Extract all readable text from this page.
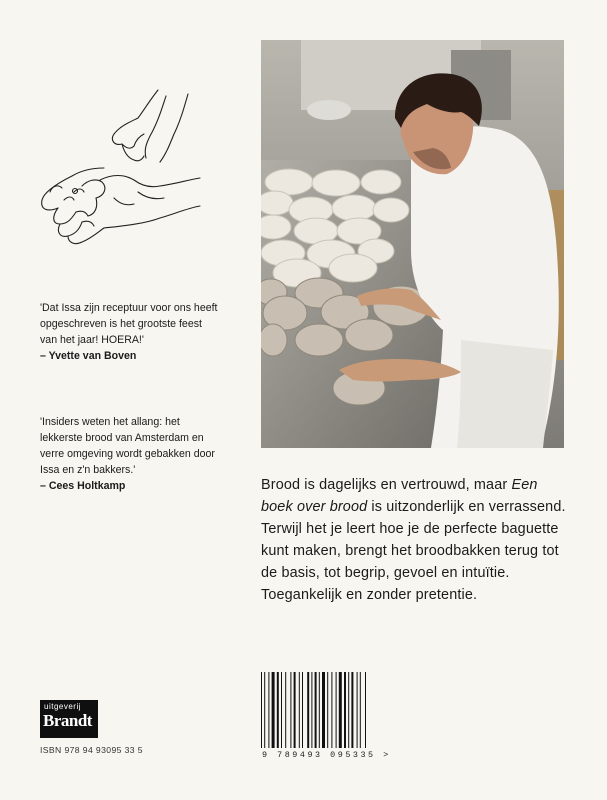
'Dat Issa zijn receptuur voor ons heeft opgeschreven is het grootste feest van het jaar! HOERA!'

– Yvette van Boven

'Insiders weten het allang: het lekkerste brood van Amsterdam en verre omgeving wordt gebakken door Issa en z'n bakkers.'

– Cees Holtkamp	Brood is dagelijks en vertrouwd, maar Een boek over brood is uitzonderlijk en verrassend. Terwijl het je leert hoe je de perfecte baguette kunt maken, brengt het broodbakken terug tot de basis, tot begrip, gevoel en intuïtie. Toegankelijk en zonder pretentie.
uitgeverij
Brandt
ISBN 978 94 93095 33 5	9 789493 095335 >
